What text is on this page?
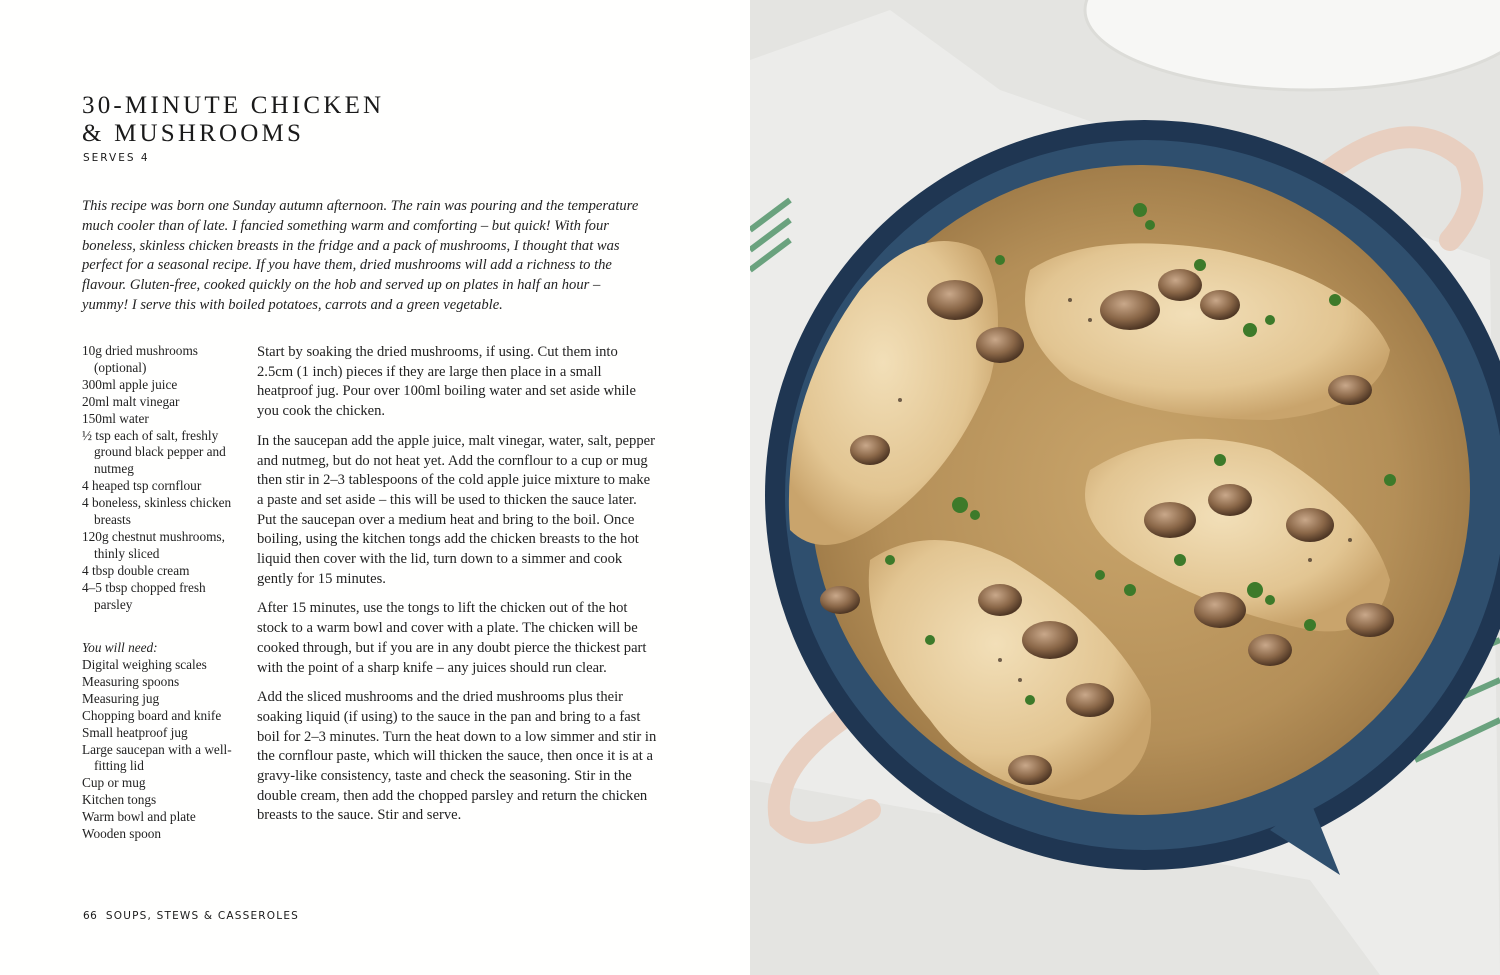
30-MINUTE CHICKEN
& MUSHROOMS
SERVES 4

This recipe was born one Sunday autumn afternoon. The rain was pouring and the temperature much cooler than of late. I fancied something warm and comforting – but quick! With four boneless, skinless chicken breasts in the fridge and a pack of mushrooms, I thought that was perfect for a seasonal recipe. If you have them, dried mushrooms will add a richness to the flavour. Gluten-free, cooked quickly on the hob and served up on plates in half an hour – yummy! I serve this with boiled potatoes, carrots and a green vegetable.

10g dried mushrooms (optional)
300ml apple juice
20ml malt vinegar
150ml water
½ tsp each of salt, freshly ground black pepper and nutmeg
4 heaped tsp cornflour
4 boneless, skinless chicken breasts
120g chestnut mushrooms, thinly sliced
4 tbsp double cream
4–5 tbsp chopped fresh parsley
You will need:
Digital weighing scales
Measuring spoons
Measuring jug
Chopping board and knife
Small heatproof jug
Large saucepan with a well-fitting lid
Cup or mug
Kitchen tongs
Warm bowl and plate
Wooden spoon

Start by soaking the dried mushrooms, if using. Cut them into 2.5cm (1 inch) pieces if they are large then place in a small heatproof jug. Pour over 100ml boiling water and set aside while you cook the chicken.

In the saucepan add the apple juice, malt vinegar, water, salt, pepper and nutmeg, but do not heat yet. Add the cornflour to a cup or mug then stir in 2–3 tablespoons of the cold apple juice mixture to make a paste and set aside – this will be used to thicken the sauce later. Put the saucepan over a medium heat and bring to the boil. Once boiling, using the kitchen tongs add the chicken breasts to the hot liquid then cover with the lid, turn down to a simmer and cook gently for 15 minutes.

After 15 minutes, use the tongs to lift the chicken out of the hot stock to a warm bowl and cover with a plate. The chicken will be cooked through, but if you are in any doubt pierce the thickest part with the point of a sharp knife – any juices should run clear.

Add the sliced mushrooms and the dried mushrooms plus their soaking liquid (if using) to the sauce in the pan and bring to a fast boil for 2–3 minutes. Turn the heat down to a low simmer and stir in the cornflour paste, which will thicken the sauce, then once it is at a gravy-like consistency, taste and check the seasoning. Stir in the double cream, then add the chopped parsley and return the chicken breasts to the sauce. Stir and serve.

66 SOUPS, STEWS & CASSEROLES
